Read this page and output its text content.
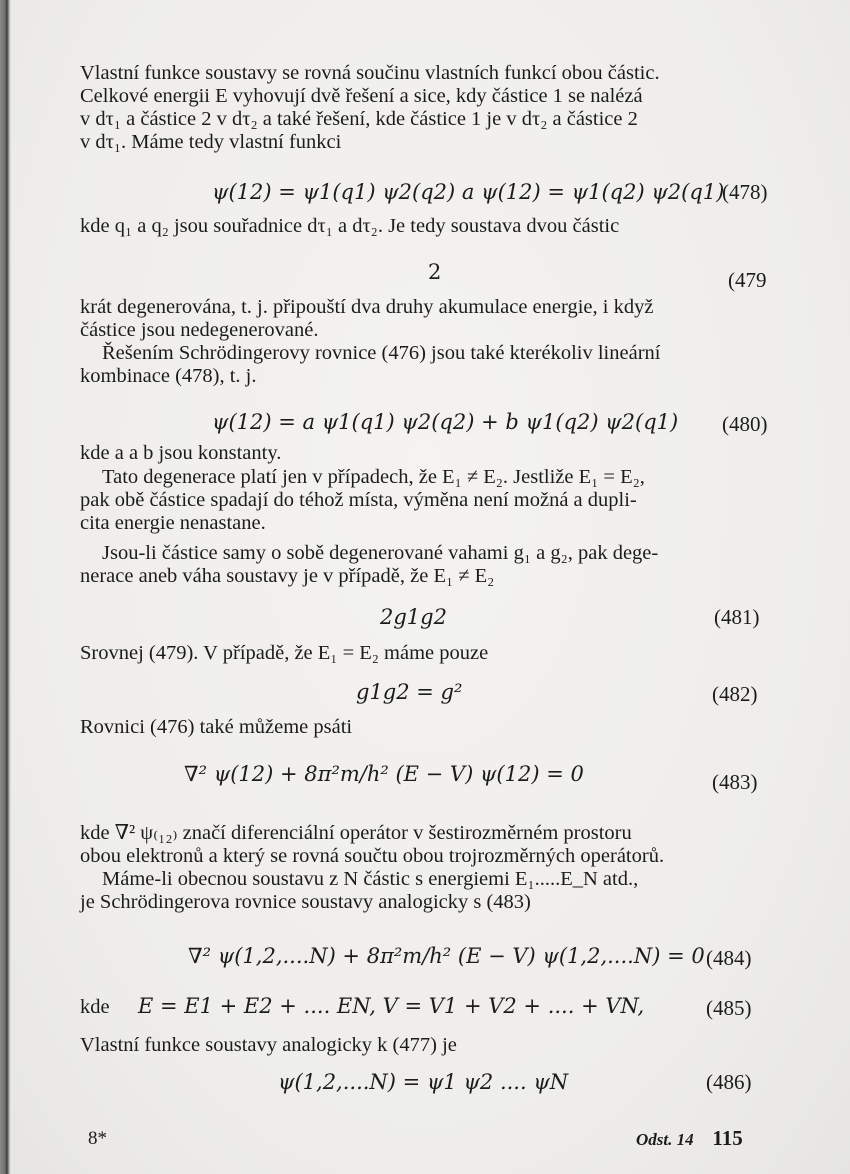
Vlastní funkce soustavy se rovná součinu vlastních funkcí obou částic.
Celkové energii E vyhovují dvě řešení a sice, kdy částice 1 se nalézá
v dτ₁ a částice 2 v dτ₂ a také řešení, kde částice 1 je v dτ₂ a částice 2
v dτ₁. Máme tedy vlastní funkci
ψ(12) = ψ1(q1) ψ2(q2) a ψ(12) = ψ1(q2) ψ2(q1)
(478)
kde q₁ a q₂ jsou souřadnice dτ₁ a dτ₂. Je tedy soustava dvou částic
2	(479
krát degenerována, t. j. připouští dva druhy akumulace energie, i když
částice jsou nedegenerované.
Řešením Schrödingerovy rovnice (476) jsou také kterékoliv lineární
kombinace (478), t. j.
ψ(12) = a ψ1(q1) ψ2(q2) + b ψ1(q2) ψ2(q1) (480)
kde a a b jsou konstanty.
Tato degenerace platí jen v případech, že E₁ ≠ E₂. Jestliže E₁ = E₂,
pak obě částice spadají do téhož místa, výměna není možná a dupli-
cita energie nenastane.
Jsou-li částice samy o sobě degenerované vahami g₁ a g₂, pak dege-
nerace aneb váha soustavy je v případě, že E₁ ≠ E₂
2g1g2	(481)
Srovnej (479). V případě, že E₁ = E₂ máme pouze
g1g2 = g²	(482)
Rovnici (476) také můžeme psáti
∇² ψ(12) + 8π²m/h² (E − V) ψ(12) = 0	(483)
kde ∇² ψ₍₁₂₎ značí diferenciální operátor v šestirozměrném prostoru
obou elektronů a který se rovná součtu obou trojrozměrných operátorů.
Máme-li obecnou soustavu z N částic s energiemi E₁.....E_N atd.,
je Schrödingerova rovnice soustavy analogicky s (483)
∇² ψ(1,2,....N) + 8π²m/h² (E − V) ψ(1,2,....N) = 0 (484)
kde E = E1 + E2 + .... EN, V = V1 + V2 + .... + VN,	(485)
Vlastní funkce soustavy analogicky k (477) je
ψ(1,2,....N) = ψ1 ψ2 .... ψN	(486)
8*	Odst. 14 115
